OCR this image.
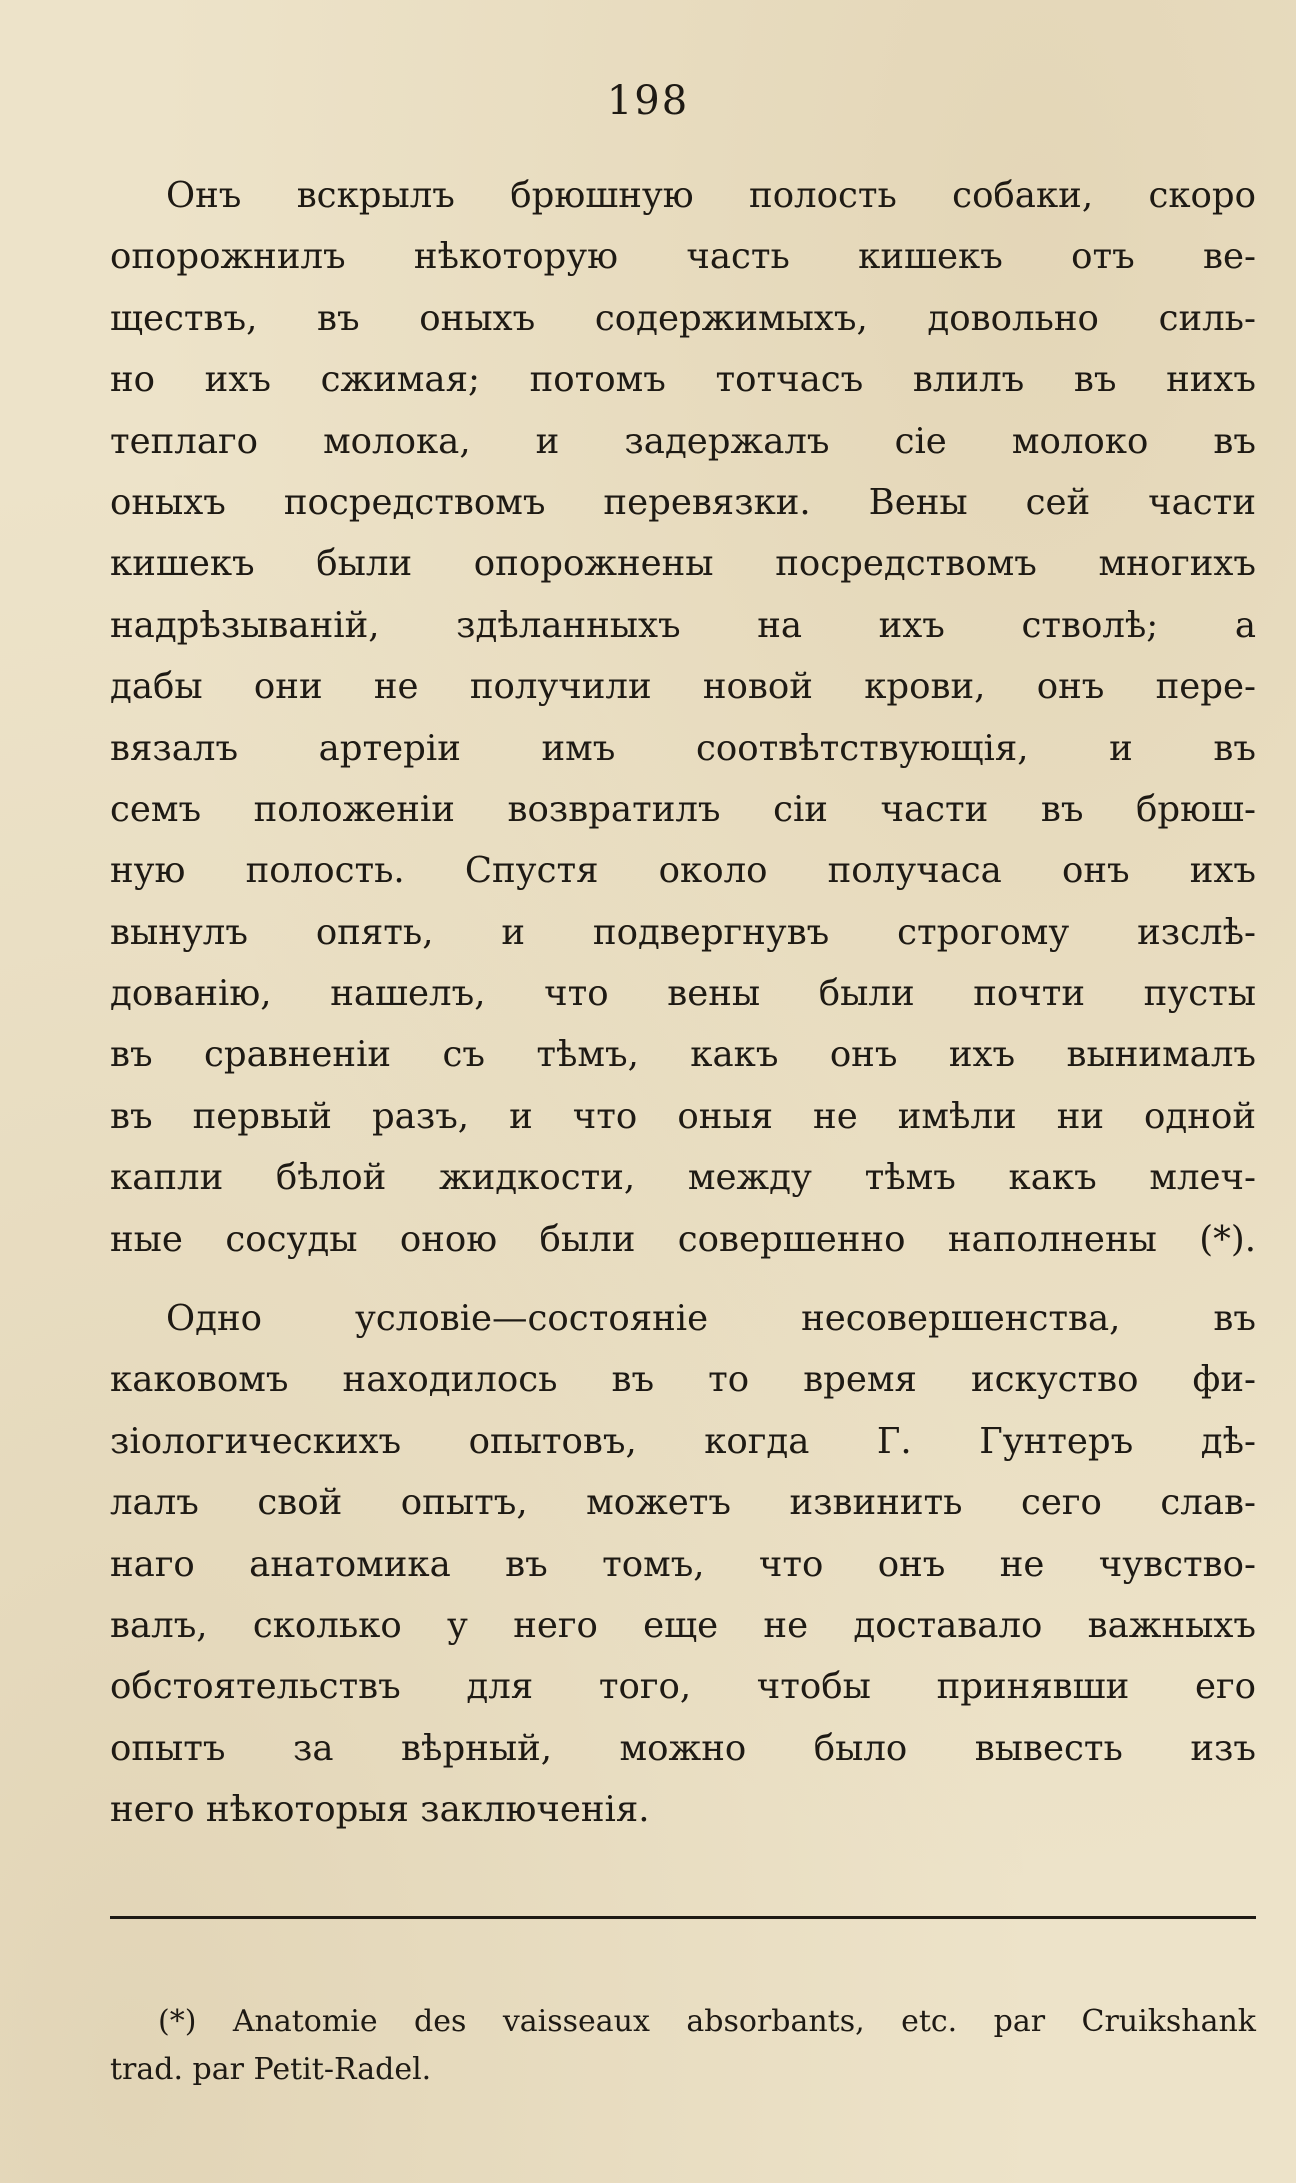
198
Онъ вскрылъ брюшную полость собаки, скоро
опорожнилъ нѣкоторую часть кишекъ отъ ве-
ществъ, въ оныхъ содержимыхъ, довольно силь-
но ихъ сжимая; потомъ тотчасъ влилъ въ нихъ
теплаго молока, и задержалъ сіе молоко въ
оныхъ посредствомъ перевязки. Вены сей части
кишекъ были опорожнены посредствомъ многихъ
надрѣзываній, здѣланныхъ на ихъ стволѣ; а
дабы они не получили новой крови, онъ пере-
вязалъ артеріи имъ соотвѣтствующія, и въ
семъ положеніи возвратилъ сіи части въ брюш-
ную полость. Спустя около получаса онъ ихъ
вынулъ опять, и подвергнувъ строгому изслѣ-
дованію, нашелъ, что вены были почти пусты
въ сравненіи съ тѣмъ, какъ онъ ихъ вынималъ
въ первый разъ, и что оныя не имѣли ни одной
капли бѣлой жидкости, между тѣмъ какъ млеч-
ные сосуды оною были совершенно наполнены (*).
Одно условіе—состояніе несовершенства, въ
каковомъ находилось въ то время искуство фи-
зіологическихъ опытовъ, когда Г. Гунтеръ дѣ-
лалъ свой опытъ, можетъ извинить сего слав-
наго анатомика въ томъ, что онъ не чувство-
валъ, сколько у него еще не доставало важныхъ
обстоятельствъ для того, чтобы принявши его
опытъ за вѣрный, можно было вывесть изъ
него нѣкоторыя заключенія.
(*) Anatomie des vaisseaux absorbants, etc. par Cruikshank
trad. par Petit-Radel.
